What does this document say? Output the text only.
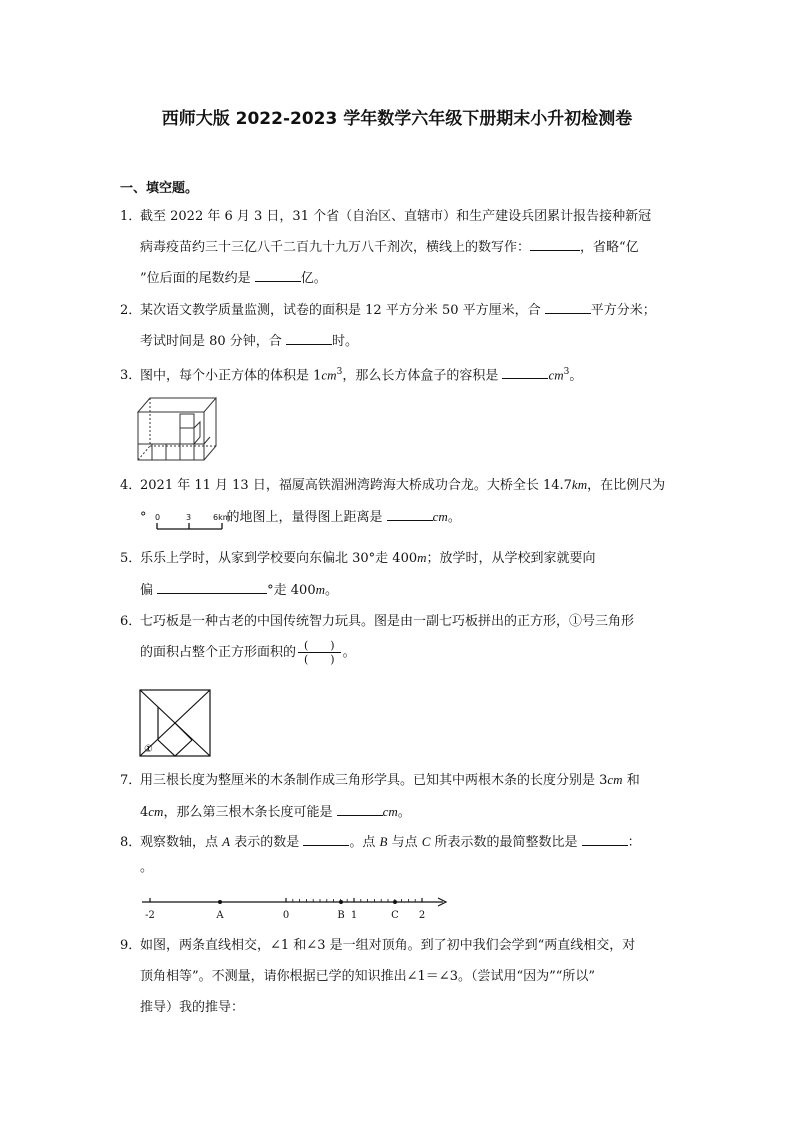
西师大版 2022-2023 学年数学六年级下册期末小升初检测卷
一、填空题。
1．截至 2022 年 6 月 3 日，31 个省（自治区、直辖市）和生产建设兵团累计报告接种新冠
病毒疫苗约三十三亿八千二百九十九万八千剂次，横线上的数写作：	，省略“亿
”位后面的尾数约是	亿。
2．某次语文教学质量监测，试卷的面积是 12 平方分米 50 平方厘米，合	平方分米；
考试时间是 80 分钟，合	时。
3．图中，每个小正方体的体积是 $1cm^3$，那么长方体盒子的容积是	$cm^3$。
4．2021 年 11 月 13 日，福厦高铁湄洲湾跨海大桥成功合龙。大桥全长 14.7km，在比例尺为
°	的地图上，量得图上距离是	cm。
0	3	6km
5．乐乐上学时，从家到学校要向东偏北 30°走 400m；放学时，从学校到家就要向
偏	°走 400m。
6．七巧板是一种古老的中国传统智力玩具。图是由一副七巧板拼出的正方形，①号三角形
的面积占整个正方形面积的 $\frac{( )}{( )}$ 。
①
7．用三根长度为整厘米的木条制作成三角形学具。已知其中两根木条的长度分别是 3cm 和
4cm，那么第三根木条长度可能是	cm。
8．观察数轴，点 A 表示的数是	。点 B 与点 C 所表示数的最简整数比是	：
。
-2	A	0	B 1	C 2
9．如图，两条直线相交，∠1 和∠3 是一组对顶角。到了初中我们会学到“两直线相交，对
顶角相等”。不测量，请你根据已学的知识推出∠1＝∠3。（尝试用“因为”“所以”
推导）我的推导：
